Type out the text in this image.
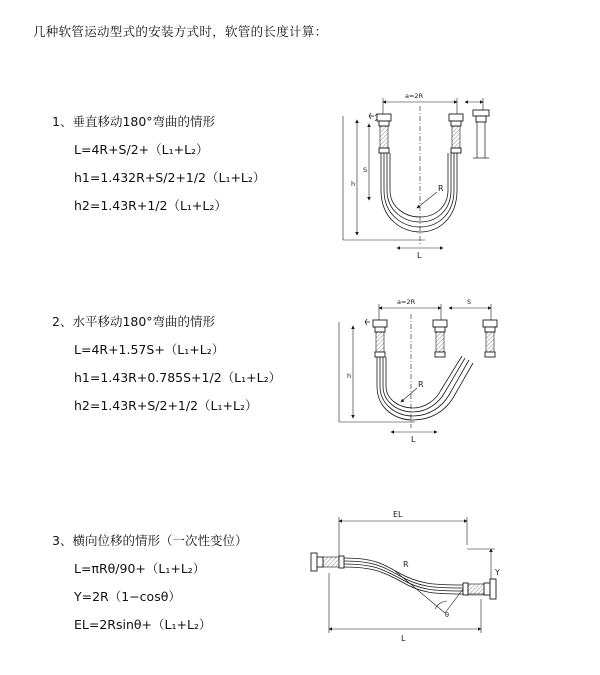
几种软管运动型式的安装方式时，软管的长度计算：
1、垂直移动180°弯曲的情形
L=4R+S/2+（L₁+L₂）
h1=1.432R+S/2+1/2（L₁+L₂）
h2=1.43R+1/2（L₁+L₂）
a=2R
h
S
R
L
2、水平移动180°弯曲的情形
L=4R+1.57S+（L₁+L₂）
h1=1.43R+0.785S+1/2（L₁+L₂）
h2=1.43R+S/2+1/2（L₁+L₂）
a=2R	S
h
R
L
3、横向位移的情形（一次性变位）
L=πRθ/90+（L₁+L₂）
Y=2R（1−cosθ）
EL=2Rsinθ+（L₁+L₂）
EL
Y
R
θ
L
